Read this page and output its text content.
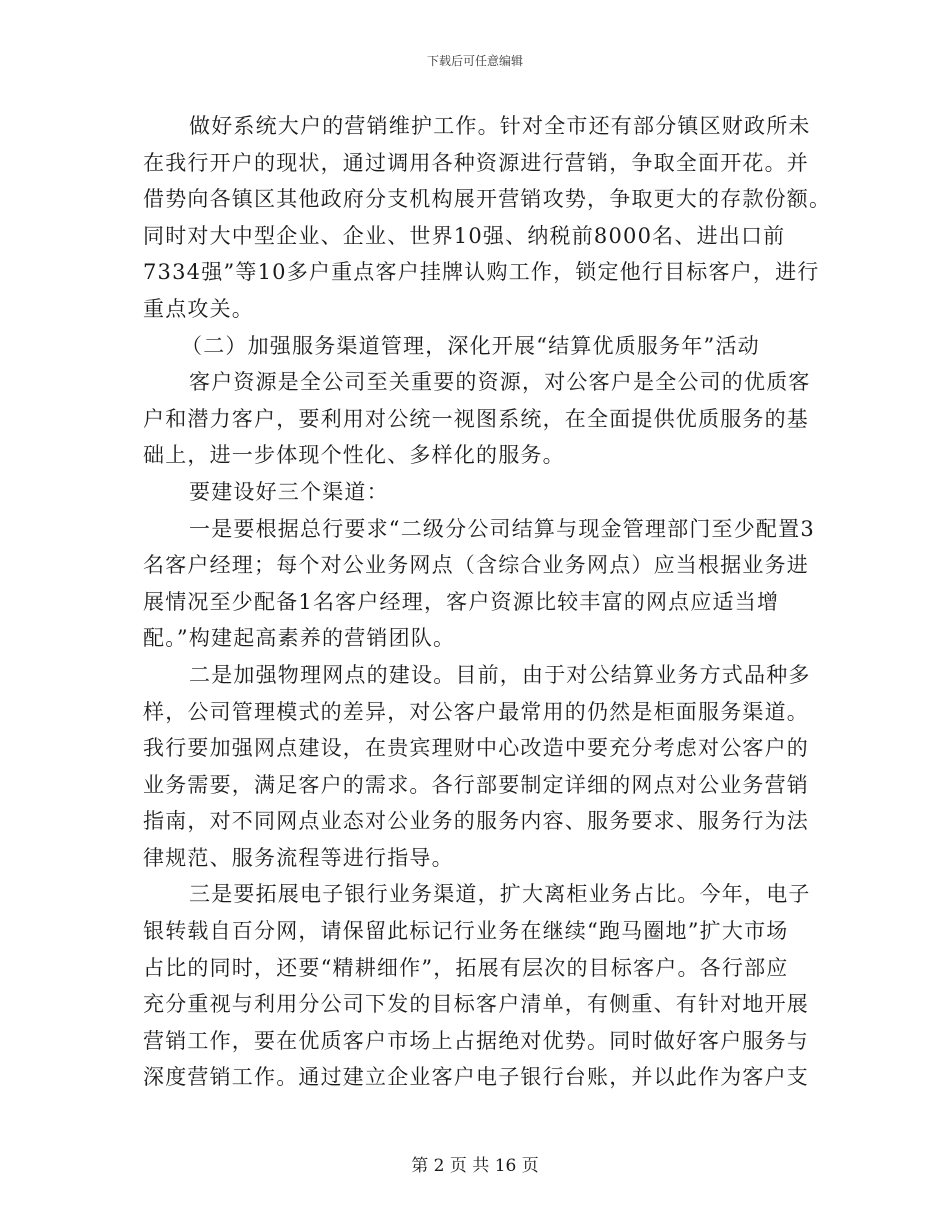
下载后可任意编辑
做好系统大户的营销维护工作。针对全市还有部分镇区财政所未
在我行开户的现状，通过调用各种资源进行营销，争取全面开花。并
借势向各镇区其他政府分支机构展开营销攻势，争取更大的存款份额。
同时对大中型企业、企业、世界10强、纳税前8000名、进出口前
7334强”等10多户重点客户挂牌认购工作，锁定他行目标客户，进行
重点攻关。
（二）加强服务渠道管理，深化开展“结算优质服务年”活动
客户资源是全公司至关重要的资源，对公客户是全公司的优质客
户和潜力客户，要利用对公统一视图系统，在全面提供优质服务的基
础上，进一步体现个性化、多样化的服务。
要建设好三个渠道：
一是要根据总行要求“二级分公司结算与现金管理部门至少配置3
名客户经理；每个对公业务网点（含综合业务网点）应当根据业务进
展情况至少配备1名客户经理，客户资源比较丰富的网点应适当增
配。”构建起高素养的营销团队。
二是加强物理网点的建设。目前，由于对公结算业务方式品种多
样，公司管理模式的差异，对公客户最常用的仍然是柜面服务渠道。
我行要加强网点建设，在贵宾理财中心改造中要充分考虑对公客户的
业务需要，满足客户的需求。各行部要制定详细的网点对公业务营销
指南，对不同网点业态对公业务的服务内容、服务要求、服务行为法
律规范、服务流程等进行指导。
三是要拓展电子银行业务渠道，扩大离柜业务占比。今年，电子
银转载自百分网，请保留此标记行业务在继续“跑马圈地”扩大市场
占比的同时，还要“精耕细作”，拓展有层次的目标客户。各行部应
充分重视与利用分公司下发的目标客户清单，有侧重、有针对地开展
营销工作，要在优质客户市场上占据绝对优势。同时做好客户服务与
深度营销工作。通过建立企业客户电子银行台账，并以此作为客户支
第 2 页 共 16 页
